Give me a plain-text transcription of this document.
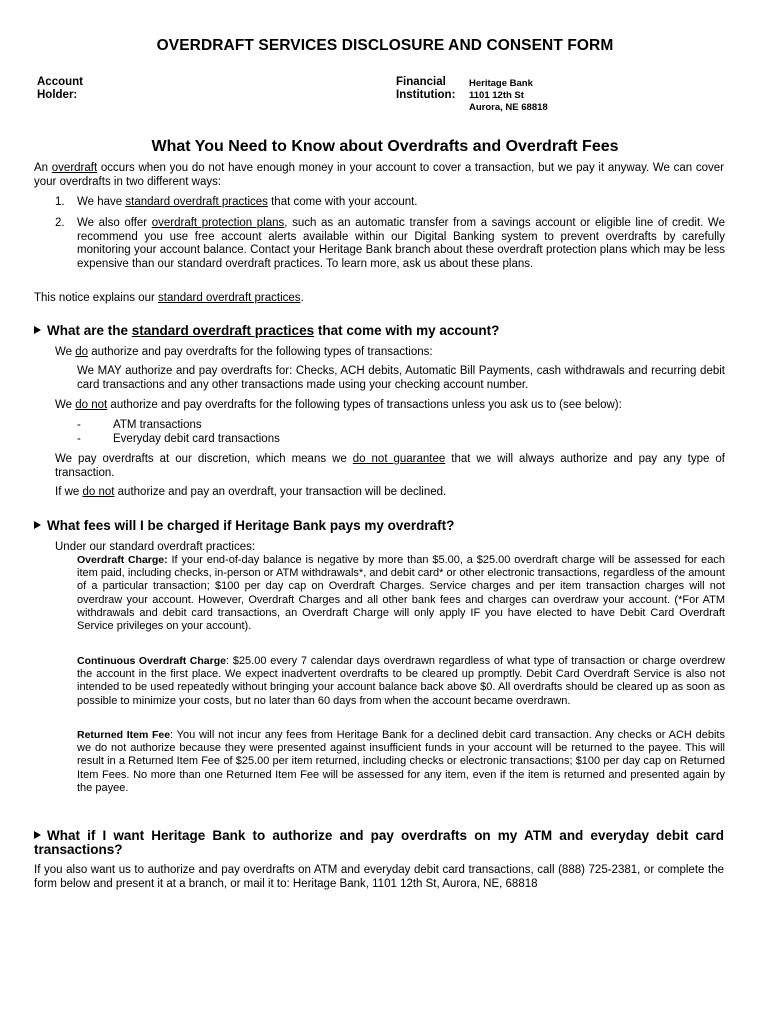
OVERDRAFT SERVICES DISCLOSURE AND CONSENT FORM
Account
Holder:
Financial
Institution:
Heritage Bank
1101 12th St
Aurora, NE 68818
What You Need to Know about Overdrafts and Overdraft Fees
An overdraft occurs when you do not have enough money in your account to cover a transaction, but we pay it anyway. We can cover your overdrafts in two different ways:
1. We have standard overdraft practices that come with your account.
2. We also offer overdraft protection plans, such as an automatic transfer from a savings account or eligible line of credit. We recommend you use free account alerts available within our Digital Banking system to prevent overdrafts by carefully monitoring your account balance. Contact your Heritage Bank branch about these overdraft protection plans which may be less expensive than our standard overdraft practices. To learn more, ask us about these plans.
This notice explains our standard overdraft practices.
What are the standard overdraft practices that come with my account?
We do authorize and pay overdrafts for the following types of transactions:
We MAY authorize and pay overdrafts for: Checks, ACH debits, Automatic Bill Payments, cash withdrawals and recurring debit card transactions and any other transactions made using your checking account number.
We do not authorize and pay overdrafts for the following types of transactions unless you ask us to (see below):
-	ATM transactions
-	Everyday debit card transactions
We pay overdrafts at our discretion, which means we do not guarantee that we will always authorize and pay any type of transaction.
If we do not authorize and pay an overdraft, your transaction will be declined.
What fees will I be charged if Heritage Bank pays my overdraft?
Under our standard overdraft practices:
Overdraft Charge: If your end-of-day balance is negative by more than $5.00, a $25.00 overdraft charge will be assessed for each item paid, including checks, in-person or ATM withdrawals*, and debit card* or other electronic transactions, regardless of the amount of a particular transaction; $100 per day cap on Overdraft Charges. Service charges and per item transaction charges will not overdraw your account. However, Overdraft Charges and all other bank fees and charges can overdraw your account. (*For ATM withdrawals and debit card transactions, an Overdraft Charge will only apply IF you have elected to have Debit Card Overdraft Service privileges on your account).
Continuous Overdraft Charge: $25.00 every 7 calendar days overdrawn regardless of what type of transaction or charge overdrew the account in the first place. We expect inadvertent overdrafts to be cleared up promptly. Debit Card Overdraft Service is also not intended to be used repeatedly without bringing your account balance back above $0. All overdrafts should be cleared up as soon as possible to minimize your costs, but no later than 60 days from when the account became overdrawn.
Returned Item Fee: You will not incur any fees from Heritage Bank for a declined debit card transaction. Any checks or ACH debits we do not authorize because they were presented against insufficient funds in your account will be returned to the payee. This will result in a Returned Item Fee of $25.00 per item returned, including checks or electronic transactions; $100 per day cap on Returned Item Fees. No more than one Returned Item Fee will be assessed for any item, even if the item is returned and presented again by the payee.
What if I want Heritage Bank to authorize and pay overdrafts on my ATM and everyday debit card transactions?
If you also want us to authorize and pay overdrafts on ATM and everyday debit card transactions, call (888) 725-2381, or complete the form below and present it at a branch, or mail it to: Heritage Bank, 1101 12th St, Aurora, NE, 68818
